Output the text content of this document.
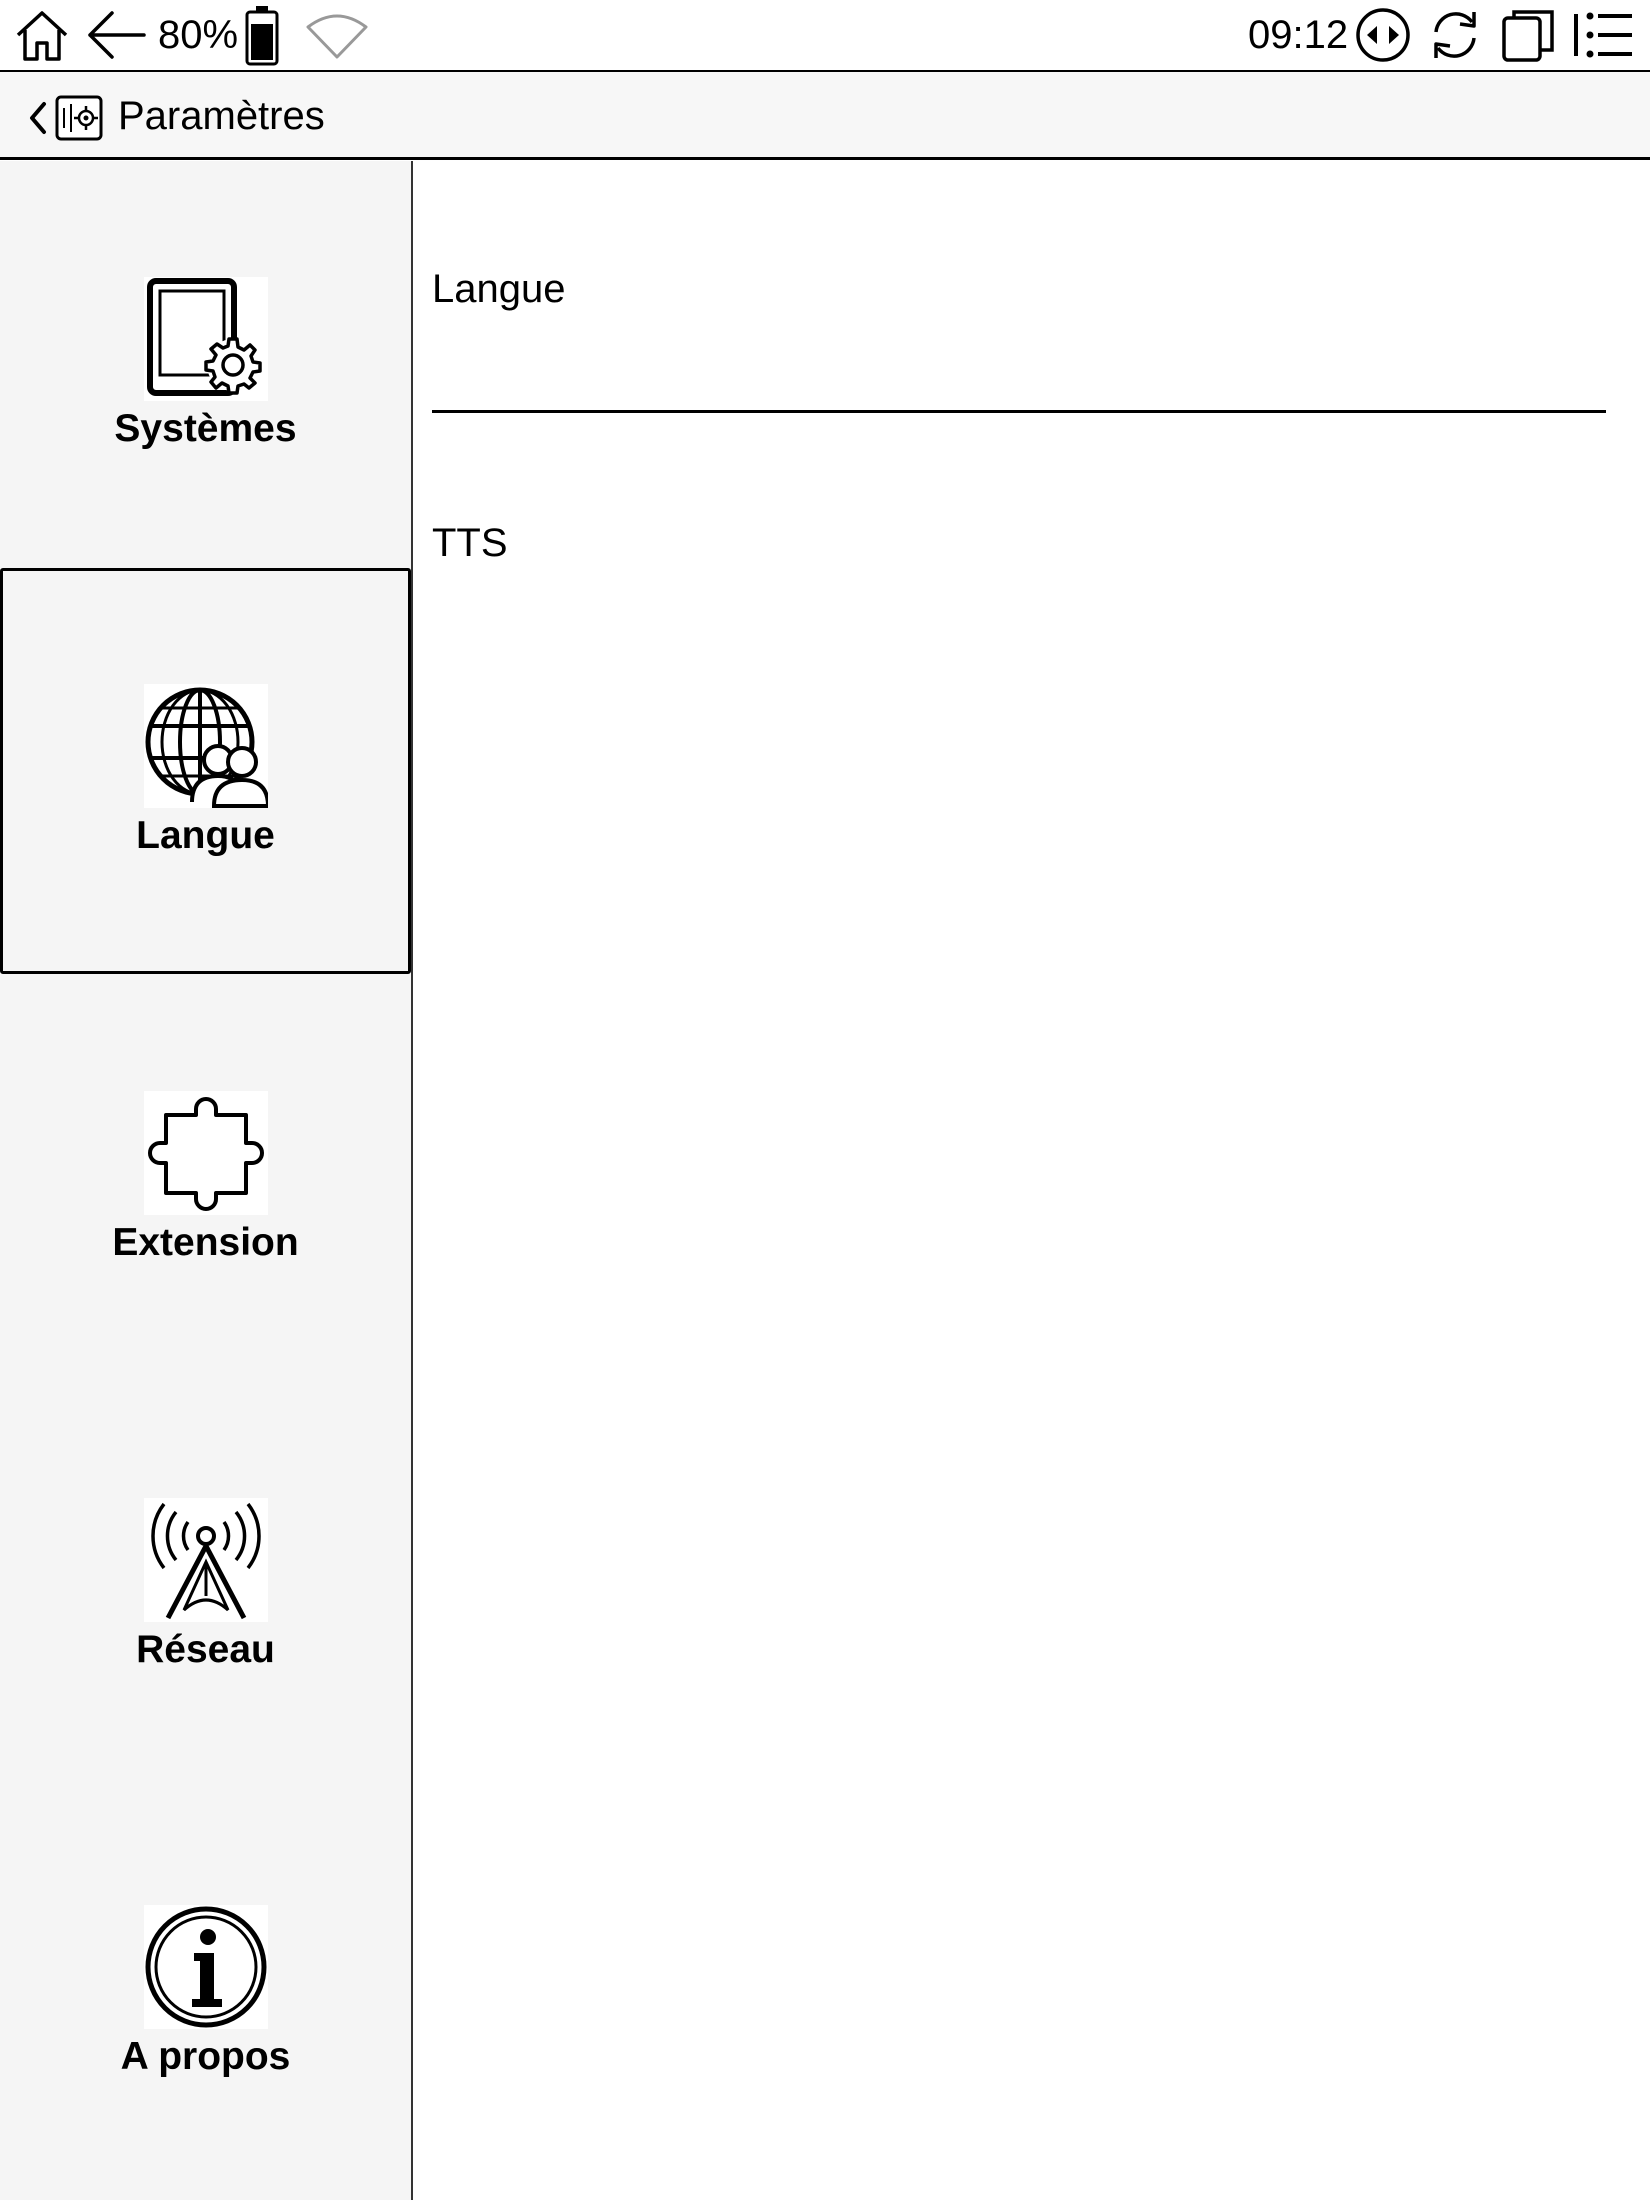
80%	09:12
Paramètres
Systèmes
Langue
Extension
Réseau
A propos
Langue
TTS
